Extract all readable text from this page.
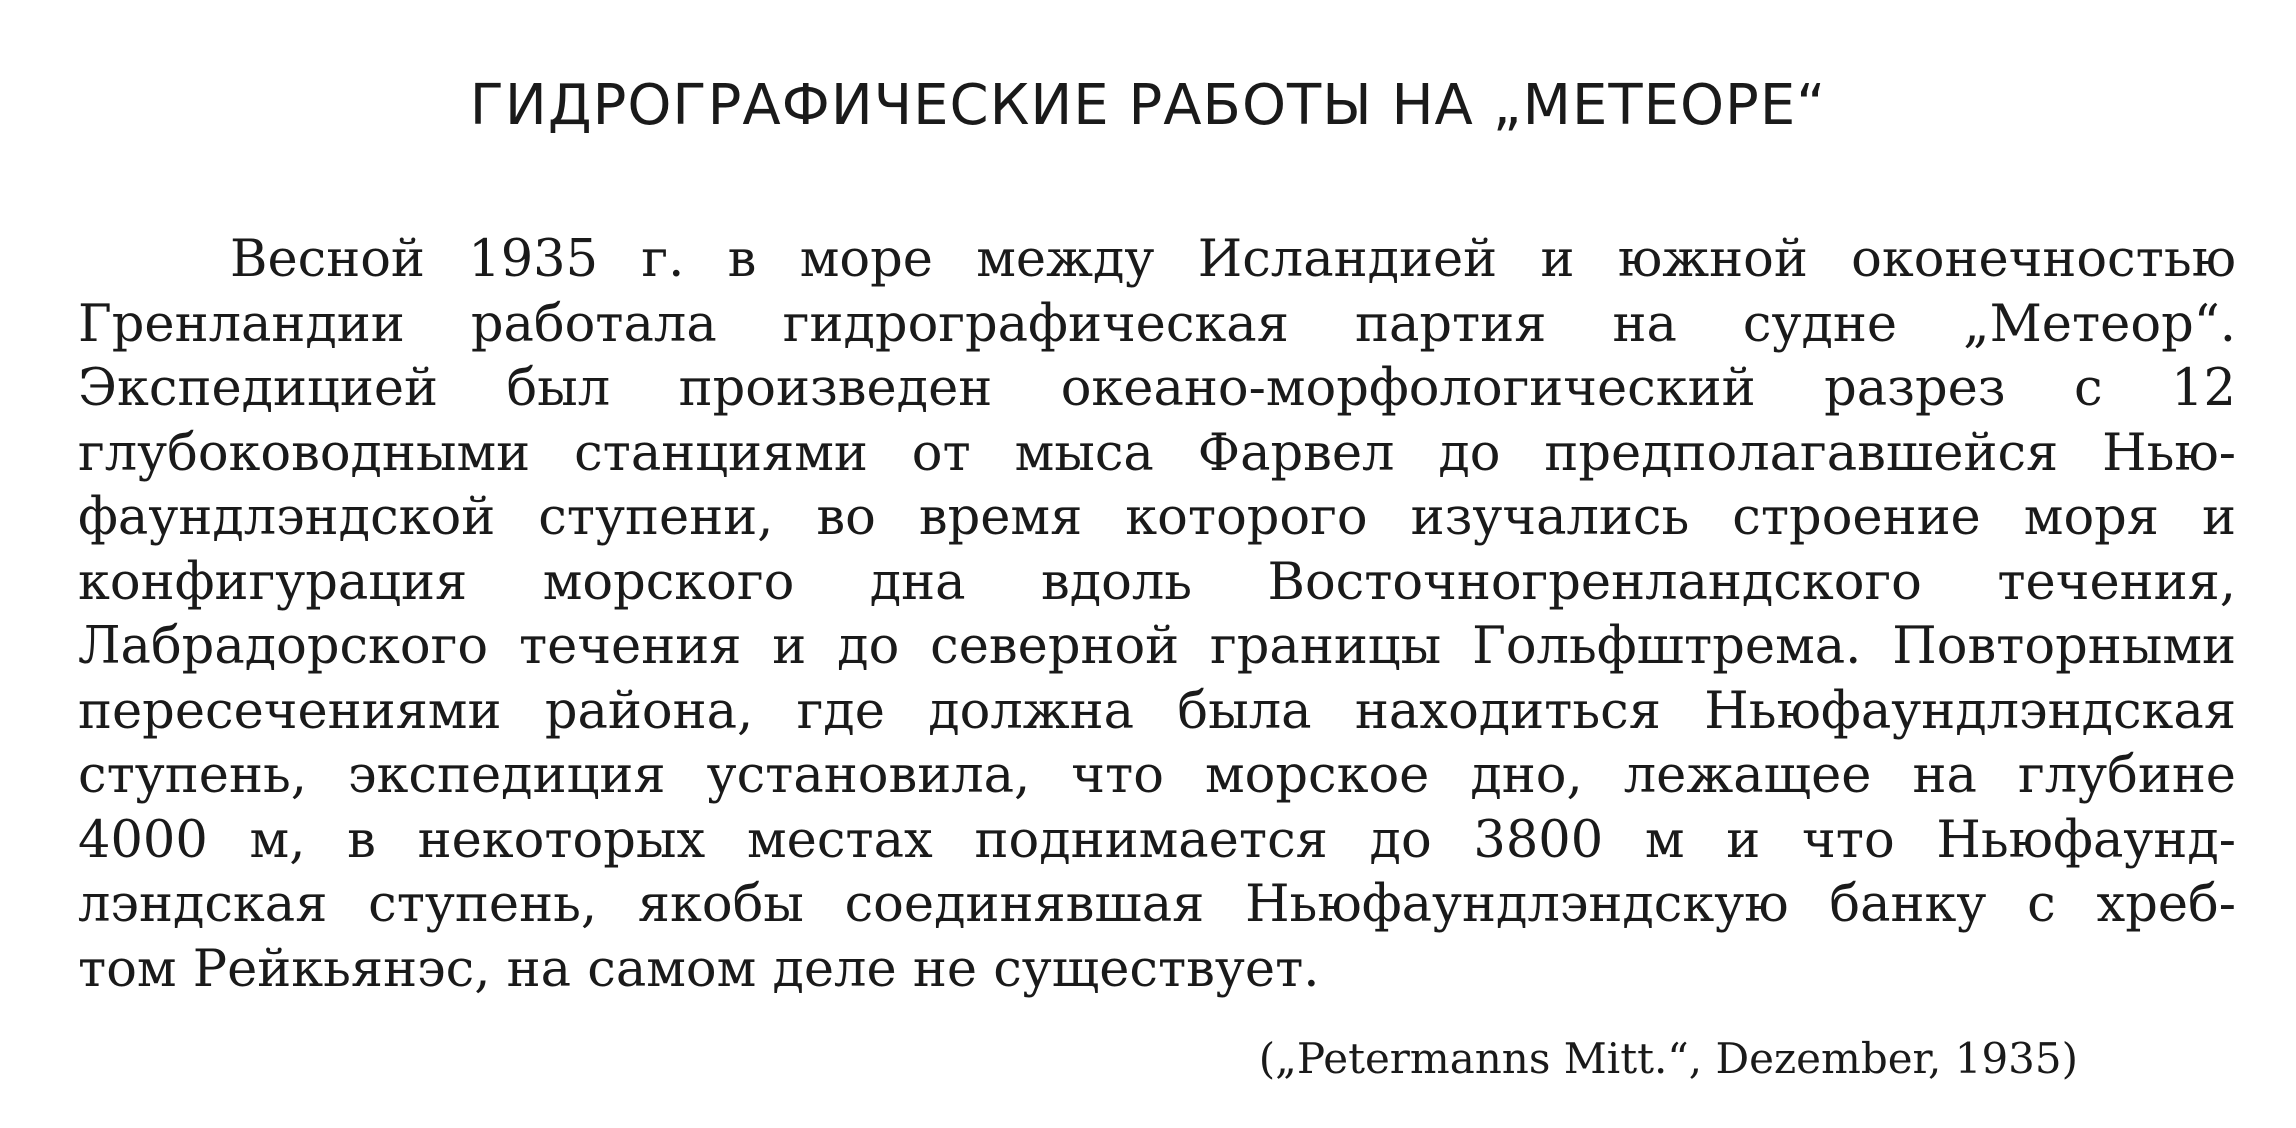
ГИДРОГРАФИЧЕСКИЕ РАБОТЫ НА „МЕТЕОРЕ“
Весной 1935 г. в море между Исландией и южной оконечностью
Гренландии работала гидрографическая партия на судне „Метеор“.
Экспедицией был произведен океано-морфологический разрез с 12
глубоководными станциями от мыса Фарвел до предполагавшейся Нью-
фаундлэндской ступени, во время которого изучались строение моря и
конфигурация морского дна вдоль Восточногренландского течения,
Лабрадорского течения и до северной границы Гольфштрема. Повторными
пересечениями района, где должна была находиться Ньюфаундлэндская
ступень, экспедиция установила, что морское дно, лежащее на глубине
4000 м, в некоторых местах поднимается до 3800 м и что Ньюфаунд-
лэндская ступень, якобы соединявшая Ньюфаундлэндскую банку с хреб-
том Рейкьянэс, на самом деле не существует.
(„Petermanns Mitt.“, Dezember, 1935)
